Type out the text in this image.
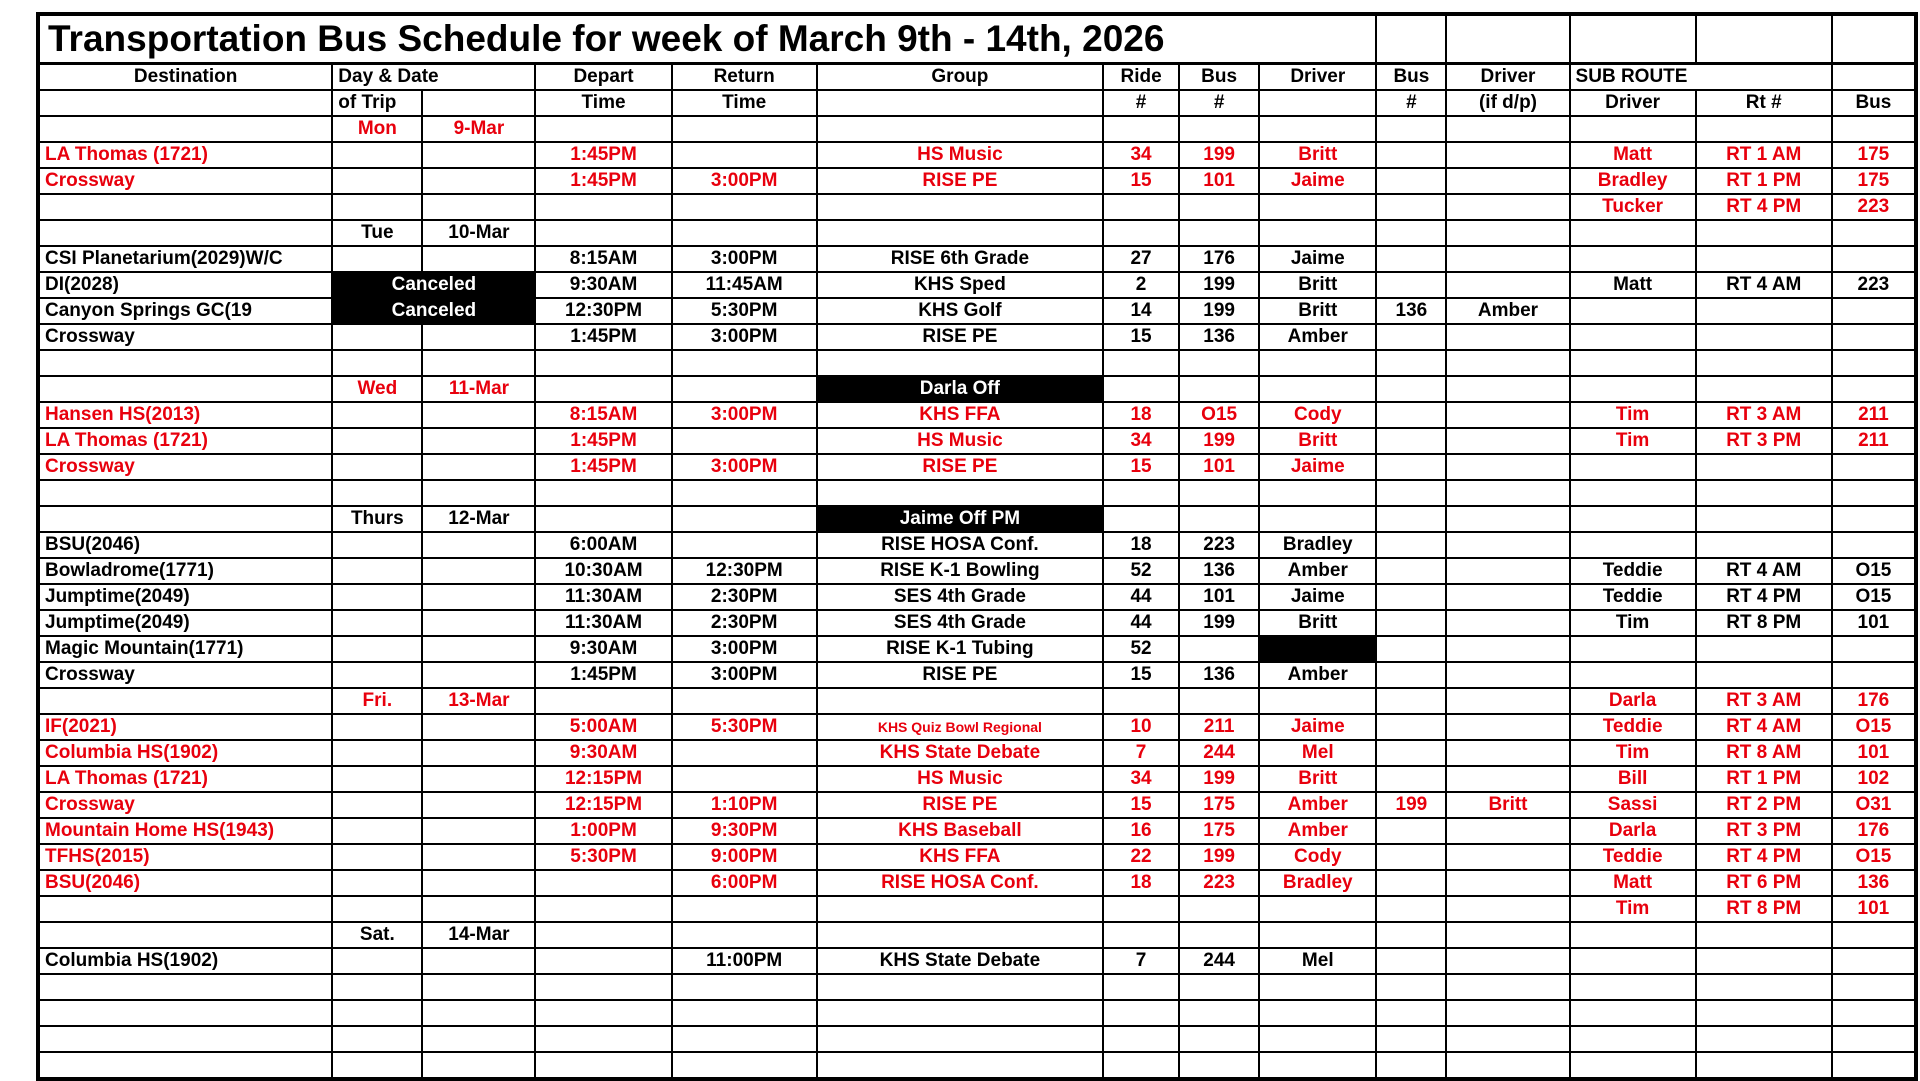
Transportation Bus Schedule for week of March 9th - 14th, 2026													
Destination	Day & Date		Depart	Return	Group	Ride	Bus	Driver	Bus	Driver	SUB ROUTE		
	of Trip		Time	Time		#	#		#	(if d/p)	Driver	Rt #	Bus
	Mon	9-Mar											
LA Thomas (1721)			1:45PM		HS Music	34	199	Britt			Matt	RT 1 AM	175
Crossway			1:45PM	3:00PM	RISE PE	15	101	Jaime			Bradley	RT 1 PM	175
											Tucker	RT 4 PM	223
	Tue	10-Mar											
CSI Planetarium(2029)W/C			8:15AM	3:00PM	RISE 6th Grade	27	176	Jaime					
DI(2028)	Canceled		9:30AM	11:45AM	KHS Sped	2	199	Britt			Matt	RT 4 AM	223
Canyon Springs GC(19	Canceled		12:30PM	5:30PM	KHS Golf	14	199	Britt	136	Amber			
Crossway			1:45PM	3:00PM	RISE PE	15	136	Amber					

	Wed	11-Mar			Darla Off								
Hansen HS(2013)			8:15AM	3:00PM	KHS FFA	18	O15	Cody			Tim	RT 3 AM	211
LA Thomas (1721)			1:45PM		HS Music	34	199	Britt			Tim	RT 3 PM	211
Crossway			1:45PM	3:00PM	RISE PE	15	101	Jaime					

	Thurs	12-Mar			Jaime Off PM								
BSU(2046)			6:00AM		RISE HOSA Conf.	18	223	Bradley					
Bowladrome(1771)			10:30AM	12:30PM	RISE K-1 Bowling	52	136	Amber			Teddie	RT 4 AM	O15
Jumptime(2049)			11:30AM	2:30PM	SES 4th Grade	44	101	Jaime			Teddie	RT 4 PM	O15
Jumptime(2049)			11:30AM	2:30PM	SES 4th Grade	44	199	Britt			Tim	RT 8 PM	101
Magic Mountain(1771)			9:30AM	3:00PM	RISE K-1 Tubing	52							
Crossway			1:45PM	3:00PM	RISE PE	15	136	Amber					
	Fri.	13-Mar									Darla	RT 3 AM	176
IF(2021)			5:00AM	5:30PM	KHS Quiz Bowl Regional	10	211	Jaime			Teddie	RT 4 AM	O15
Columbia HS(1902)			9:30AM		KHS State Debate	7	244	Mel			Tim	RT 8 AM	101
LA Thomas (1721)			12:15PM		HS Music	34	199	Britt			Bill	RT 1 PM	102
Crossway			12:15PM	1:10PM	RISE PE	15	175	Amber	199	Britt	Sassi	RT 2 PM	O31
Mountain Home HS(1943)			1:00PM	9:30PM	KHS Baseball	16	175	Amber			Darla	RT 3 PM	176
TFHS(2015)			5:30PM	9:00PM	KHS FFA	22	199	Cody			Teddie	RT 4 PM	O15
BSU(2046)				6:00PM	RISE HOSA Conf.	18	223	Bradley			Matt	RT 6 PM	136
											Tim	RT 8 PM	101
	Sat.	14-Mar											
Columbia HS(1902)				11:00PM	KHS State Debate	7	244	Mel					
